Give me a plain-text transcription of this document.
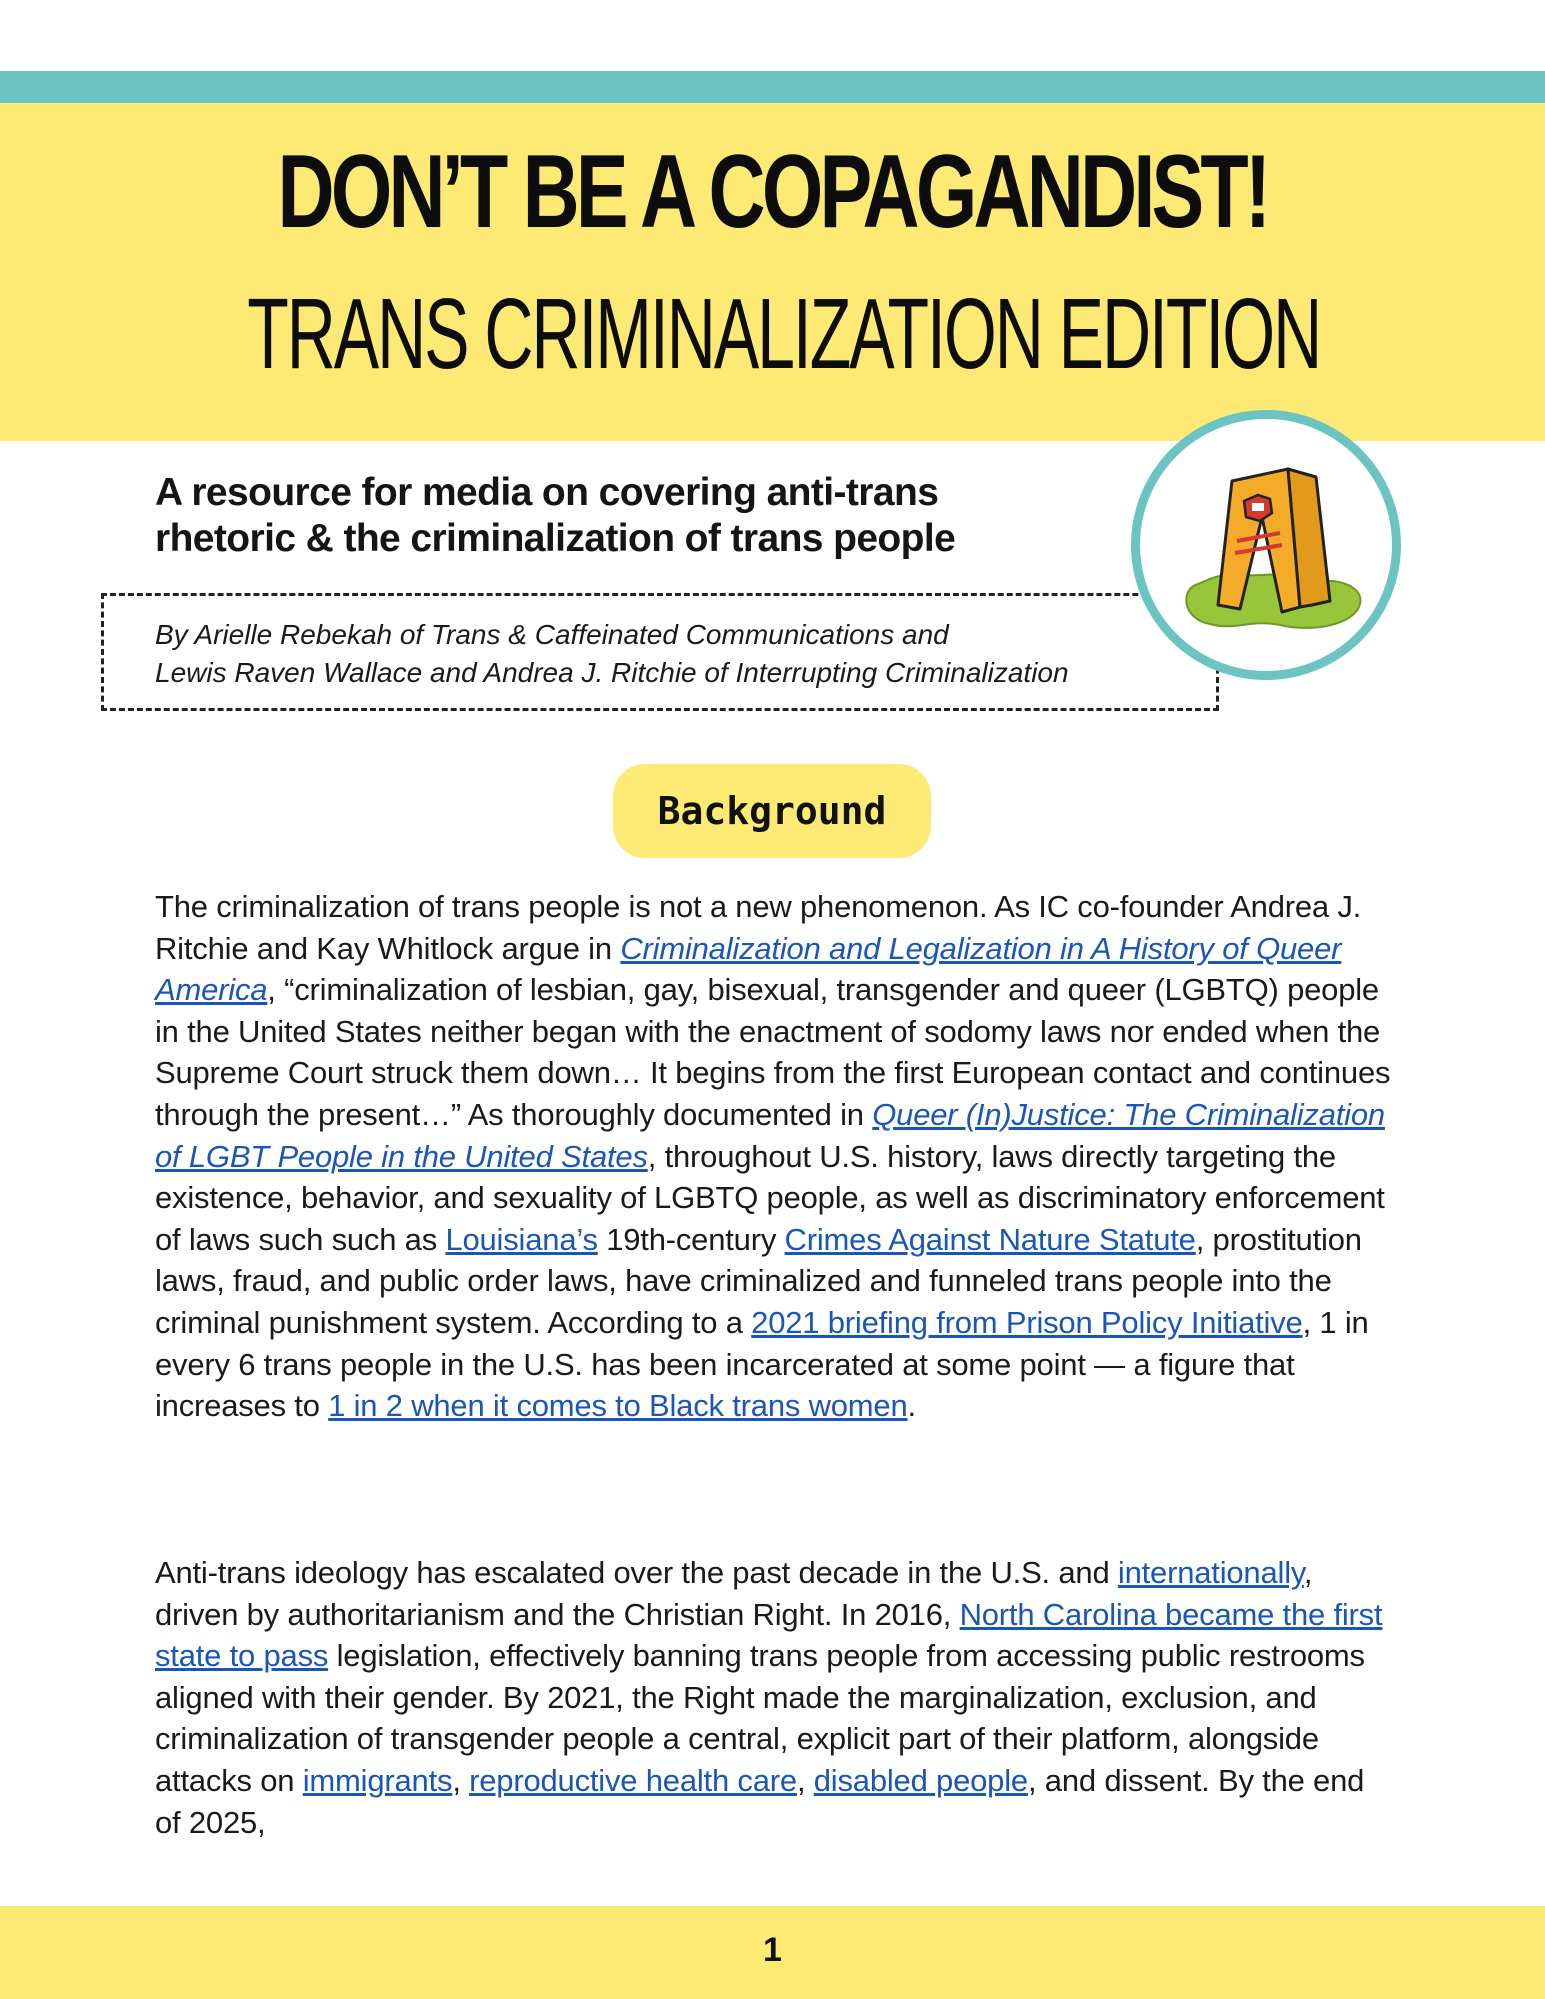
DON’T BE A COPAGANDIST!
TRANS CRIMINALIZATION EDITION
A resource for media on covering anti-trans
rhetoric & the criminalization of trans people
By Arielle Rebekah of Trans & Caffeinated Communications and
Lewis Raven Wallace and Andrea J. Ritchie of Interrupting Criminalization
Background
The criminalization of trans people is not a new phenomenon. As IC co-founder Andrea J. Ritchie and Kay Whitlock argue in Criminalization and Legalization in A History of Queer America, “criminalization of lesbian, gay, bisexual, transgender and queer (LGBTQ) people in the United States neither began with the enactment of sodomy laws nor ended when the Supreme Court struck them down… It begins from the first European contact and continues through the present…” As thoroughly documented in Queer (In)Justice: The Criminalization of LGBT People in the United States, throughout U.S. history, laws directly targeting the existence, behavior, and sexuality of LGBTQ people, as well as discriminatory enforcement of laws such such as Louisiana’s 19th-century Crimes Against Nature Statute, prostitution laws, fraud, and public order laws, have criminalized and funneled trans people into the criminal punishment system. According to a 2021 briefing from Prison Policy Initiative, 1 in every 6 trans people in the U.S. has been incarcerated at some point — a figure that increases to 1 in 2 when it comes to Black trans women.
Anti-trans ideology has escalated over the past decade in the U.S. and internationally, driven by authoritarianism and the Christian Right. In 2016, North Carolina became the first state to pass legislation, effectively banning trans people from accessing public restrooms aligned with their gender. By 2021, the Right made the marginalization, exclusion, and criminalization of transgender people a central, explicit part of their platform, alongside attacks on immigrants, reproductive health care, disabled people, and dissent. By the end of 2025,
1
